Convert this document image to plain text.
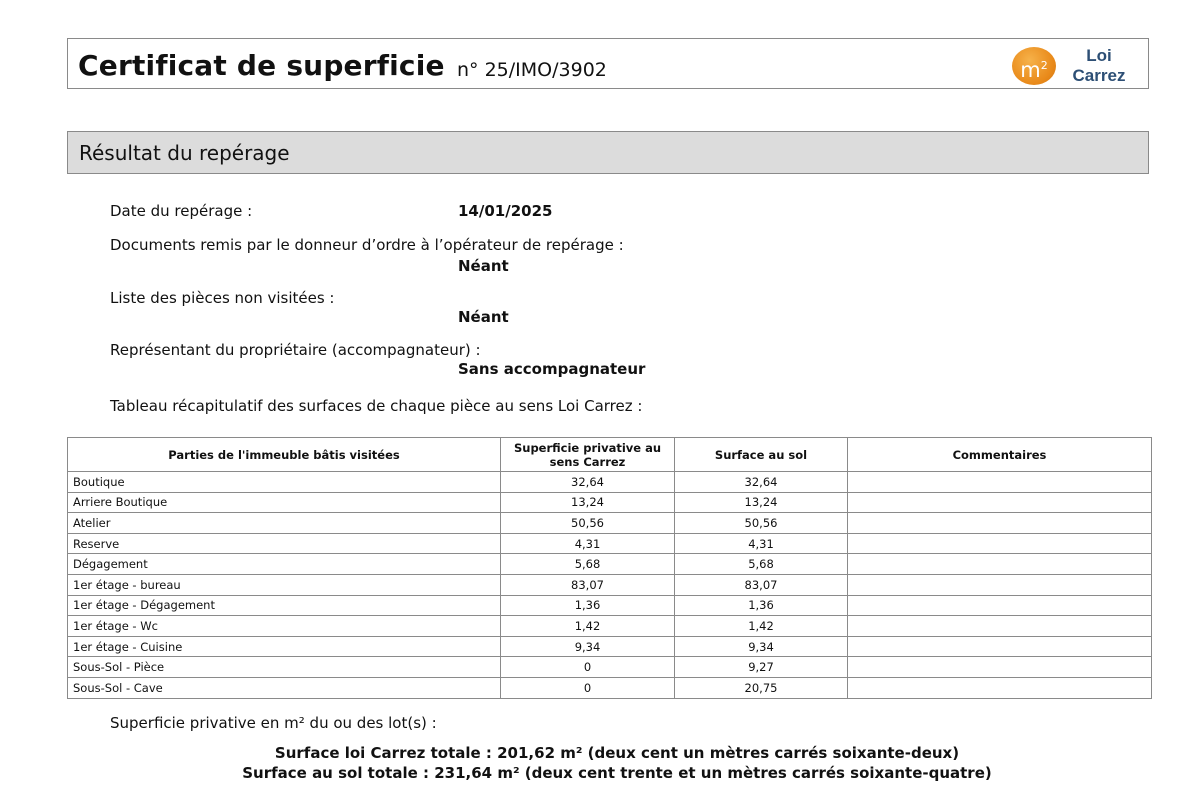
Certificat de superficie n° 25/IMO/3902	$m^2$
Loi
Carrez
Résultat du repérage
Date du repérage :	14/01/2025
Documents remis par le donneur d’ordre à l’opérateur de repérage :
Néant
Liste des pièces non visitées :
Néant
Représentant du propriétaire (accompagnateur) :
Sans accompagnateur
Tableau récapitulatif des surfaces de chaque pièce au sens Loi Carrez :
Parties de l'immeuble bâtis visitées	Superficie privative au sens Carrez	Surface au sol	Commentaires
Boutique	32,64	32,64	
Arriere Boutique	13,24	13,24	
Atelier	50,56	50,56	
Reserve	4,31	4,31	
Dégagement	5,68	5,68	
1er étage - bureau	83,07	83,07	
1er étage - Dégagement	1,36	1,36	
1er étage - Wc	1,42	1,42	
1er étage - Cuisine	9,34	9,34	
Sous-Sol - Pièce	0	9,27	
Sous-Sol - Cave	0	20,75	
Superficie privative en m² du ou des lot(s) :
Surface loi Carrez totale : 201,62 m² (deux cent un mètres carrés soixante-deux)
Surface au sol totale : 231,64 m² (deux cent trente et un mètres carrés soixante-quatre)
